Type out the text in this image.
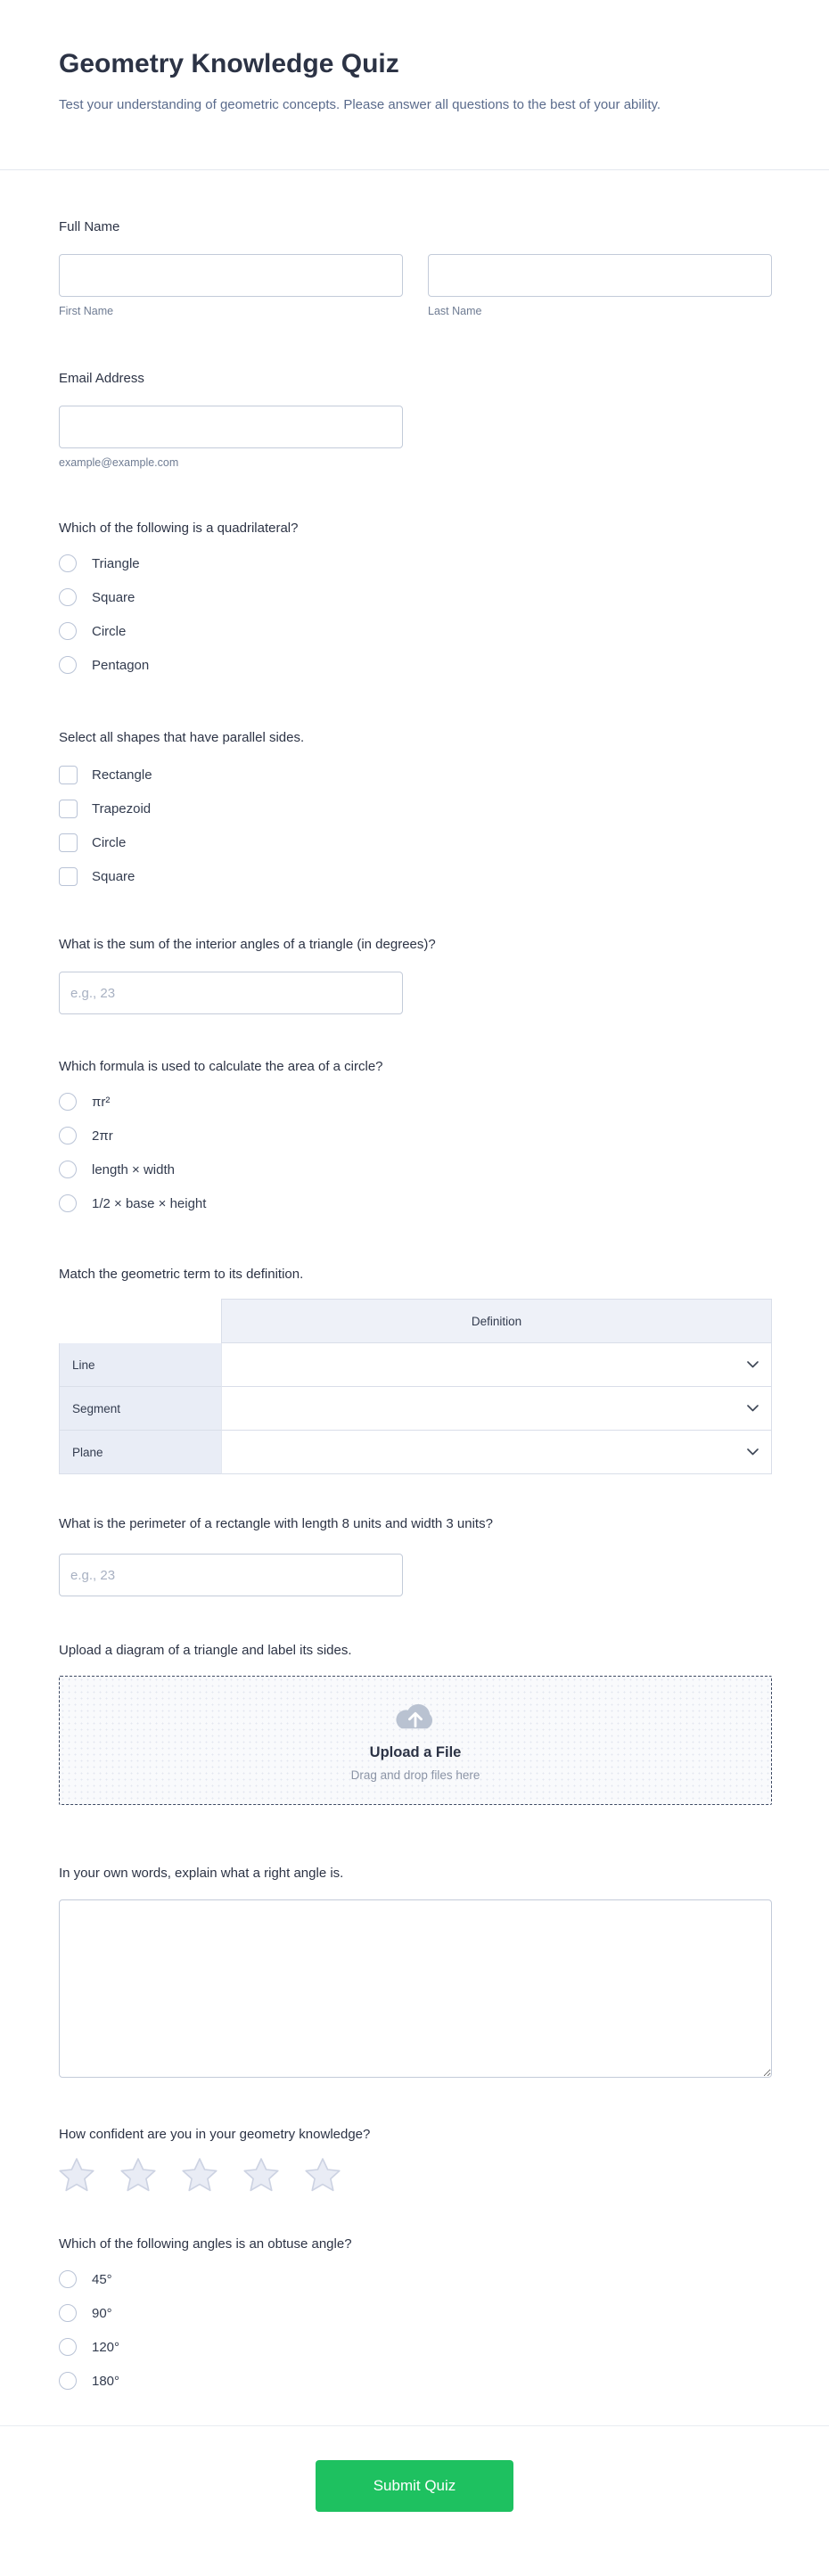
Geometry Knowledge Quiz
Test your understanding of geometric concepts. Please answer all questions to the best of your ability.
Full Name
First Name	Last Name
Email Address
example@example.com
Which of the following is a quadrilateral?
Triangle
Square
Circle
Pentagon
Select all shapes that have parallel sides.
Rectangle
Trapezoid
Circle
Square
What is the sum of the interior angles of a triangle (in degrees)?
e.g., 23
Which formula is used to calculate the area of a circle?
πr²
2πr
length × width
1/2 × base × height
Match the geometric term to its definition.
Definition
Line
Segment
Plane
What is the perimeter of a rectangle with length 8 units and width 3 units?
e.g., 23
Upload a diagram of a triangle and label its sides.
Upload a File
Drag and drop files here
In your own words, explain what a right angle is.
How confident are you in your geometry knowledge?
Which of the following angles is an obtuse angle?
45°
90°
120°
180°
Submit Quiz
